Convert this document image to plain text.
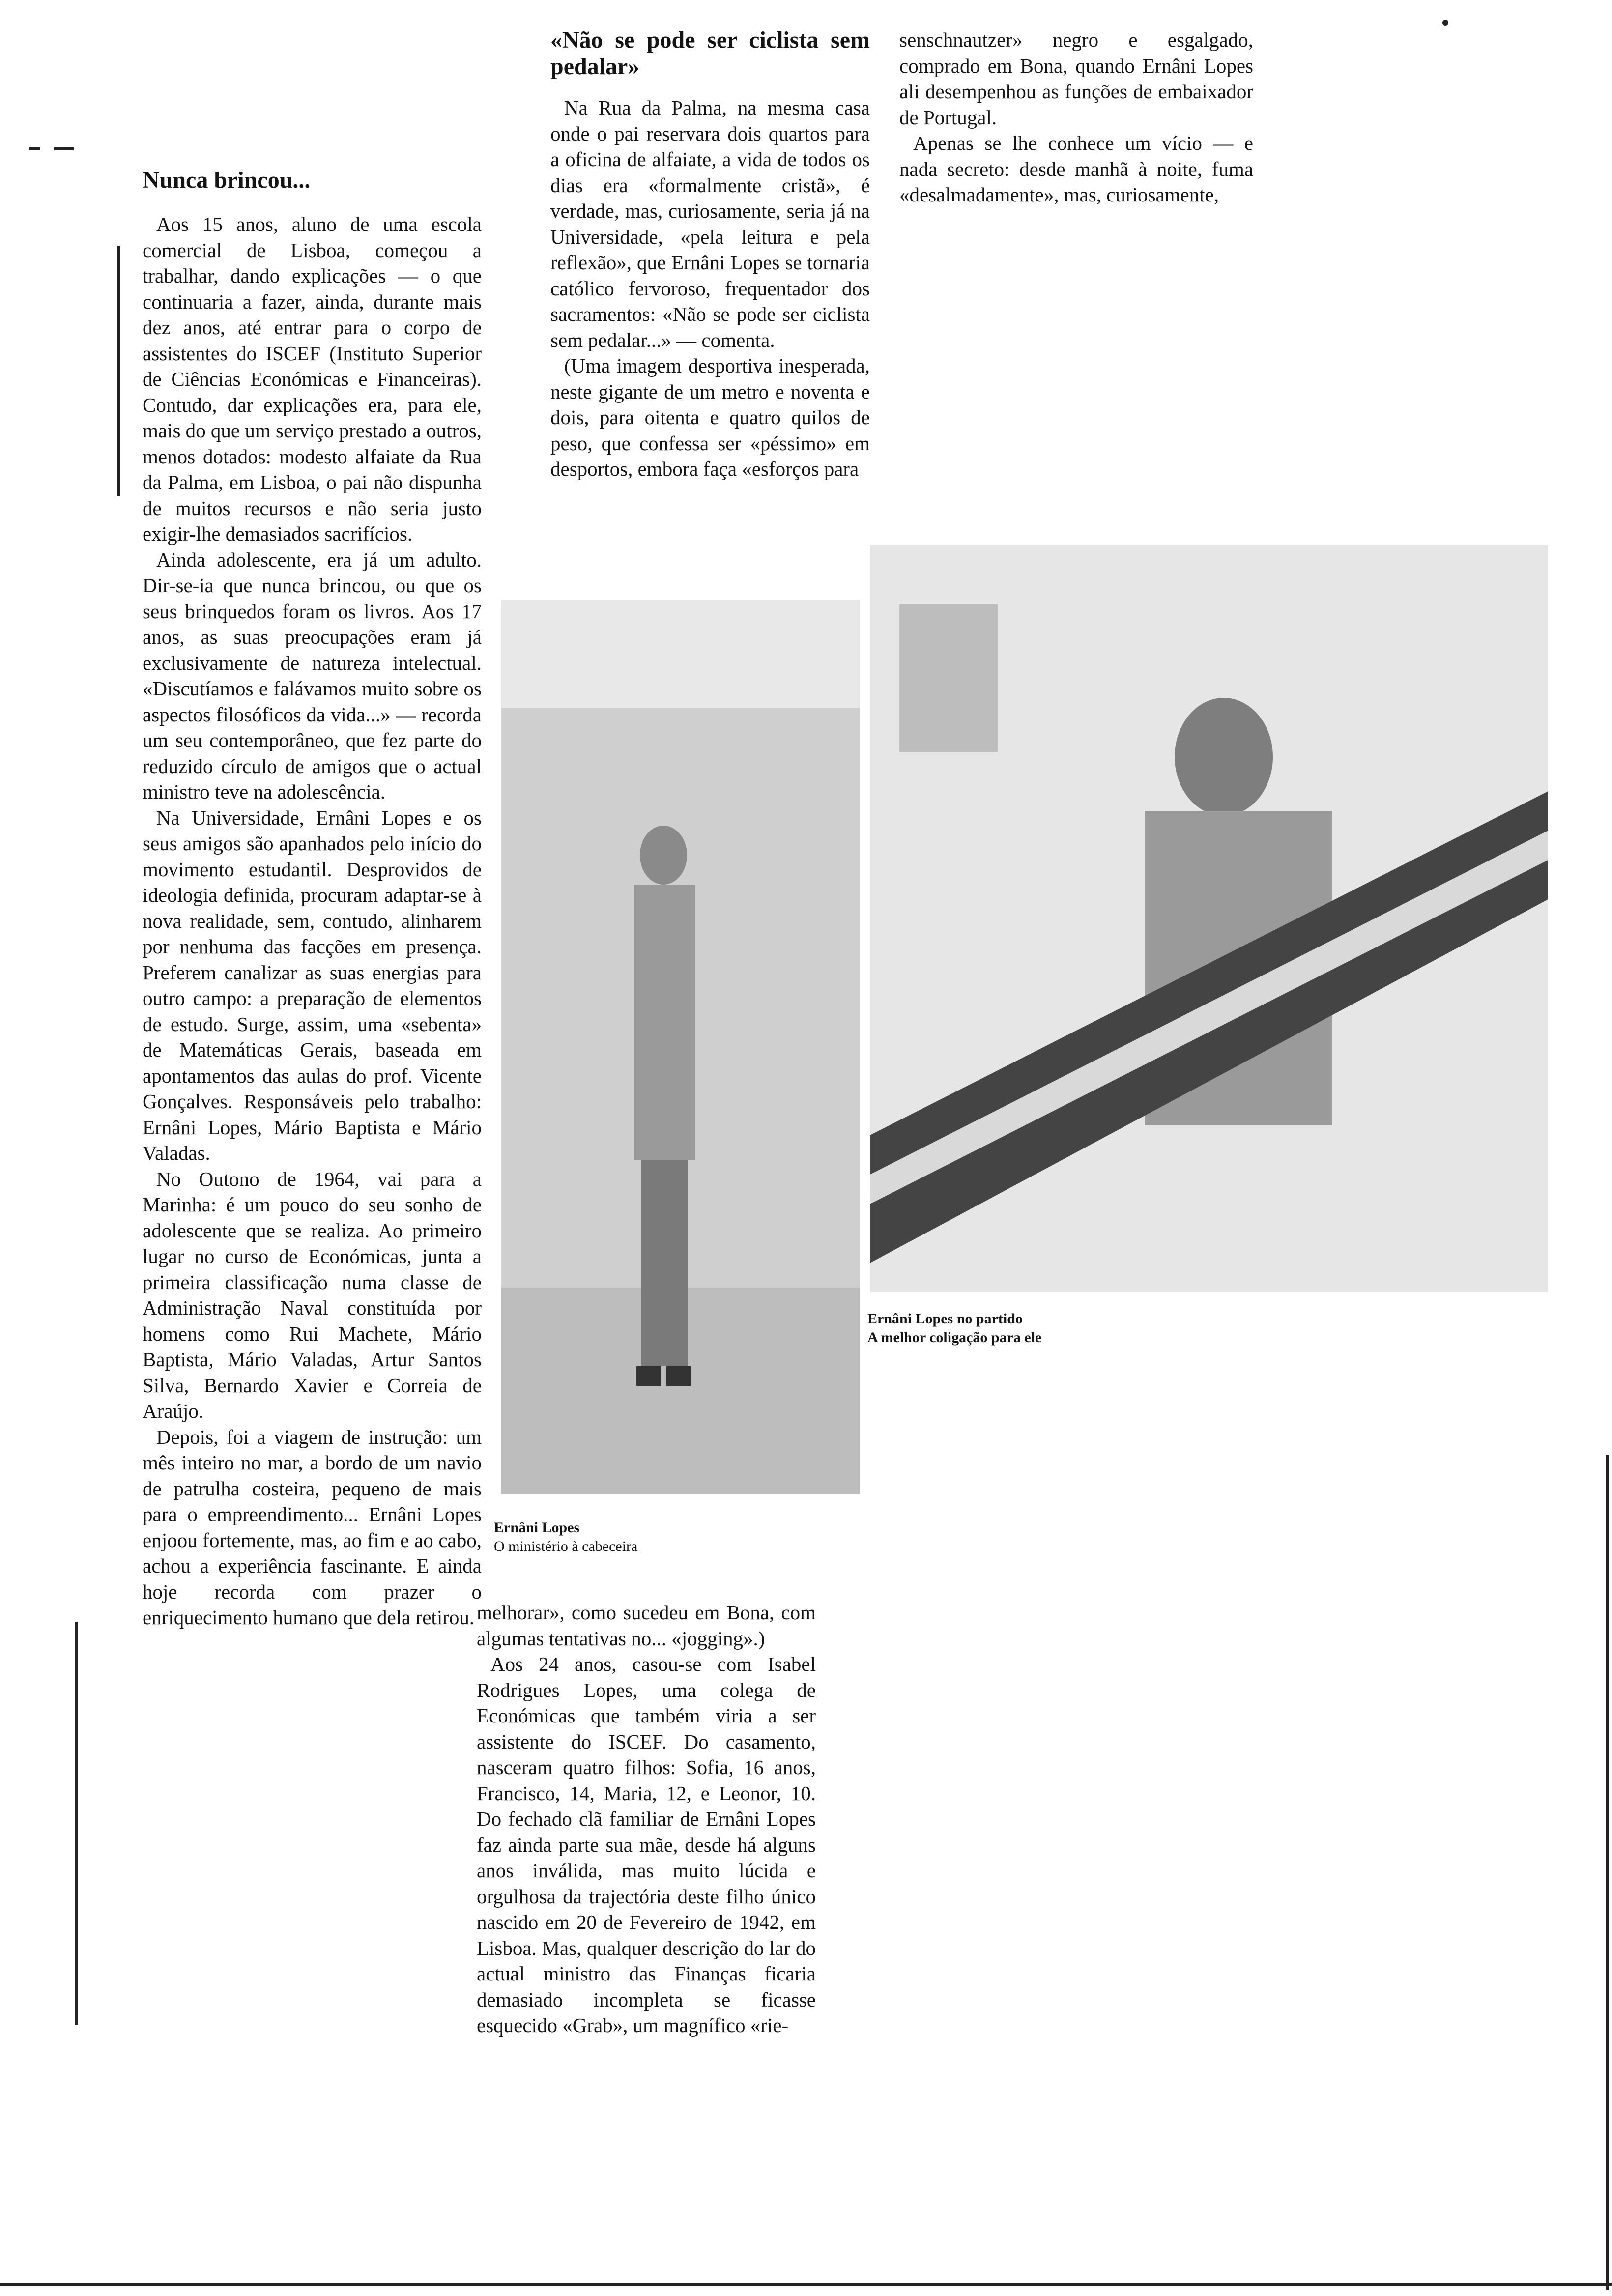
Nunca brincou...

Aos 15 anos, aluno de uma escola comercial de Lisboa, começou a trabalhar, dando explicações — o que continuaria a fazer, ainda, durante mais dez anos, até entrar para o corpo de assistentes do ISCEF (Instituto Superior de Ciências Económicas e Financeiras). Contudo, dar explicações era, para ele, mais do que um serviço prestado a outros, menos dotados: modesto alfaiate da Rua da Palma, em Lisboa, o pai não dispunha de muitos recursos e não seria justo exigir-lhe demasiados sacrifícios.

Ainda adolescente, era já um adulto. Dir-se-ia que nunca brincou, ou que os seus brinquedos foram os livros. Aos 17 anos, as suas preocupações eram já exclusivamente de natureza intelectual. «Discutíamos e falávamos muito sobre os aspectos filosóficos da vida...» — recorda um seu contemporâneo, que fez parte do reduzido círculo de amigos que o actual ministro teve na adolescência.

Na Universidade, Ernâni Lopes e os seus amigos são apanhados pelo início do movimento estudantil. Desprovidos de ideologia definida, procuram adaptar-se à nova realidade, sem, contudo, alinharem por nenhuma das facções em presença. Preferem canalizar as suas energias para outro campo: a preparação de elementos de estudo. Surge, assim, uma «sebenta» de Matemáticas Gerais, baseada em apontamentos das aulas do prof. Vicente Gonçalves. Responsáveis pelo trabalho: Ernâni Lopes, Mário Baptista e Mário Valadas.

No Outono de 1964, vai para a Marinha: é um pouco do seu sonho de adolescente que se realiza. Ao primeiro lugar no curso de Económicas, junta a primeira classificação numa classe de Administração Naval constituída por homens como Rui Machete, Mário Baptista, Mário Valadas, Artur Santos Silva, Bernardo Xavier e Correia de Araújo.

Depois, foi a viagem de instrução: um mês inteiro no mar, a bordo de um navio de patrulha costeira, pequeno de mais para o empreendimento... Ernâni Lopes enjoou fortemente, mas, ao fim e ao cabo, achou a experiência fascinante. E ainda hoje recorda com prazer o enriquecimento humano que dela retirou.

«Não se pode ser ciclista sem pedalar»

Na Rua da Palma, na mesma casa onde o pai reservara dois quartos para a oficina de alfaiate, a vida de todos os dias era «formalmente cristã», é verdade, mas, curiosamente, seria já na Universidade, «pela leitura e pela reflexão», que Ernâni Lopes se tornaria católico fervoroso, frequentador dos sacramentos: «Não se pode ser ciclista sem pedalar...» — comenta.

(Uma imagem desportiva inesperada, neste gigante de um metro e noventa e dois, para oitenta e quatro quilos de peso, que confessa ser «péssimo» em desportos, embora faça «esforços para

Ernâni Lopes
O ministério à cabeceira

melhorar», como sucedeu em Bona, com algumas tentativas no... «jogging».)

Aos 24 anos, casou-se com Isabel Rodrigues Lopes, uma colega de Económicas que também viria a ser assistente do ISCEF. Do casamento, nasceram quatro filhos: Sofia, 16 anos, Francisco, 14, Maria, 12, e Leonor, 10. Do fechado clã familiar de Ernâni Lopes faz ainda parte sua mãe, desde há alguns anos inválida, mas muito lúcida e orgulhosa da trajectória deste filho único nascido em 20 de Fevereiro de 1942, em Lisboa. Mas, qualquer descrição do lar do actual ministro das Finanças ficaria demasiado incompleta se ficasse esquecido «Grab», um magnífico «rie-

senschnautzer» negro e esgalgado, comprado em Bona, quando Ernâni Lopes ali desempenhou as funções de embaixador de Portugal.

Apenas se lhe conhece um vício — e nada secreto: desde manhã à noite, fuma «desalmadamente», mas, curiosamente,

Ernâni Lopes no partido
A melhor coligação para ele
